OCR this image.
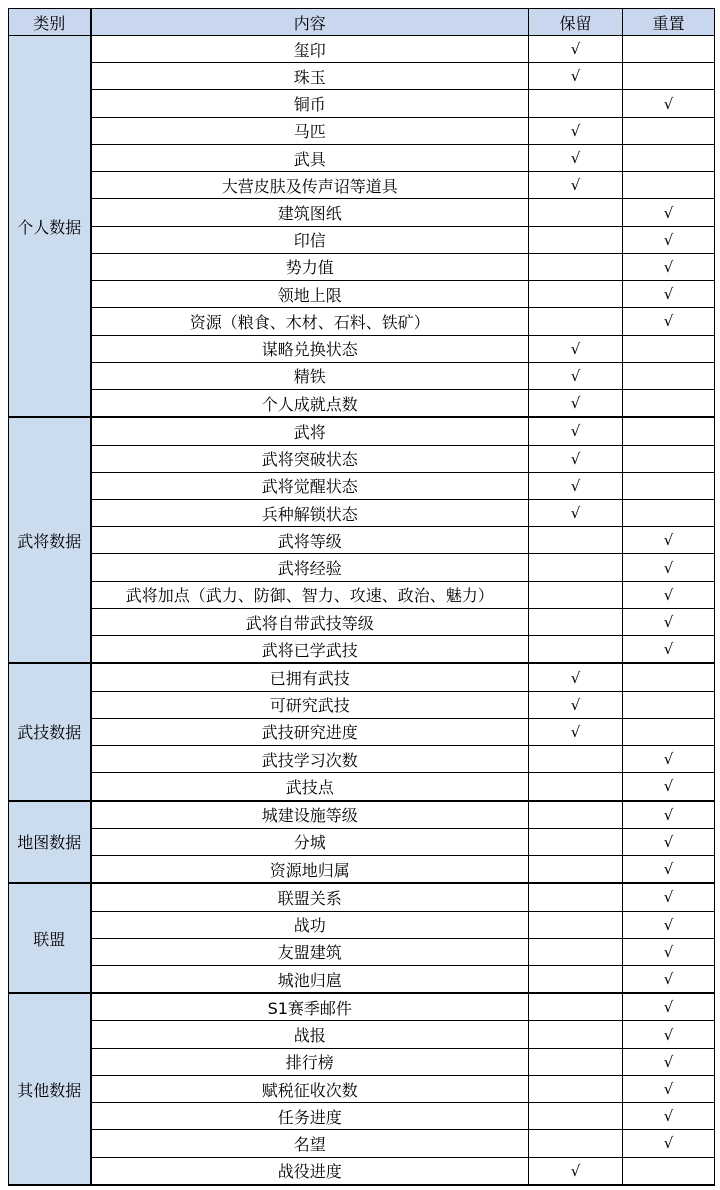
类别	内容	保留	重置
个人数据	玺印	√	
	珠玉	√	
	铜币		√
	马匹	√	
	武具	√	
	大营皮肤及传声诏等道具	√	
	建筑图纸		√
	印信		√
	势力值		√
	领地上限		√
	资源（粮食、木材、石料、铁矿）		√
	谋略兑换状态	√	
	精铁	√	
	个人成就点数	√	
武将数据	武将	√	
	武将突破状态	√	
	武将觉醒状态	√	
	兵种解锁状态	√	
	武将等级		√
	武将经验		√
	武将加点（武力、防御、智力、攻速、政治、魅力）		√
	武将自带武技等级		√
	武将已学武技		√
武技数据	已拥有武技	√	
	可研究武技	√	
	武技研究进度	√	
	武技学习次数		√
	武技点		√
地图数据	城建设施等级		√
	分城		√
	资源地归属		√
联盟	联盟关系		√
	战功		√
	友盟建筑		√
	城池归扈		√
其他数据	S1赛季邮件		√
	战报		√
	排行榜		√
	赋税征收次数		√
	任务进度		√
	名望		√
	战役进度	√	
